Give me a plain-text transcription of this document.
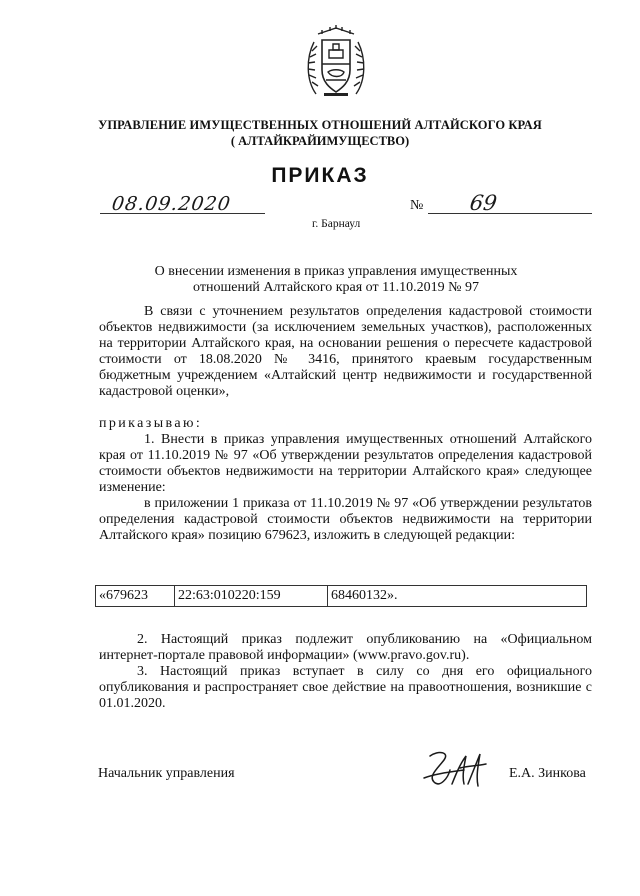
УПРАВЛЕНИЕ ИМУЩЕСТВЕННЫХ ОТНОШЕНИЙ АЛТАЙСКОГО КРАЯ
( АЛТАЙКРАЙИМУЩЕСТВО)
ПРИКАЗ
08.09.2020	№ 69
г. Барнаул
О внесении изменения в приказ управления имущественных отношений Алтайского края от 11.10.2019 № 97
В связи с уточнением результатов определения кадастровой стоимости объектов недвижимости (за исключением земельных участков), расположенных на территории Алтайского края, на основании решения о пересчете кадастровой стоимости от 18.08.2020 № 3416, принятого краевым государственным бюджетным учреждением «Алтайский центр недвижимости и государственной кадастровой оценки»,
приказываю:
1. Внести в приказ управления имущественных отношений Алтайского края от 11.10.2019 № 97 «Об утверждении результатов определения кадастровой стоимости объектов недвижимости на территории Алтайского края» следующее изменение:
в приложении 1 приказа от 11.10.2019 № 97 «Об утверждении результатов определения кадастровой стоимости объектов недвижимости на территории Алтайского края» позицию 679623, изложить в следующей редакции:
«679623	22:63:010220:159	68460132».
2. Настоящий приказ подлежит опубликованию на «Официальном интернет-портале правовой информации» (www.pravo.gov.ru).
3. Настоящий приказ вступает в силу со дня его официального опубликования и распространяет свое действие на правоотношения, возникшие с 01.01.2020.
Начальник управления	Е.А. Зинкова
